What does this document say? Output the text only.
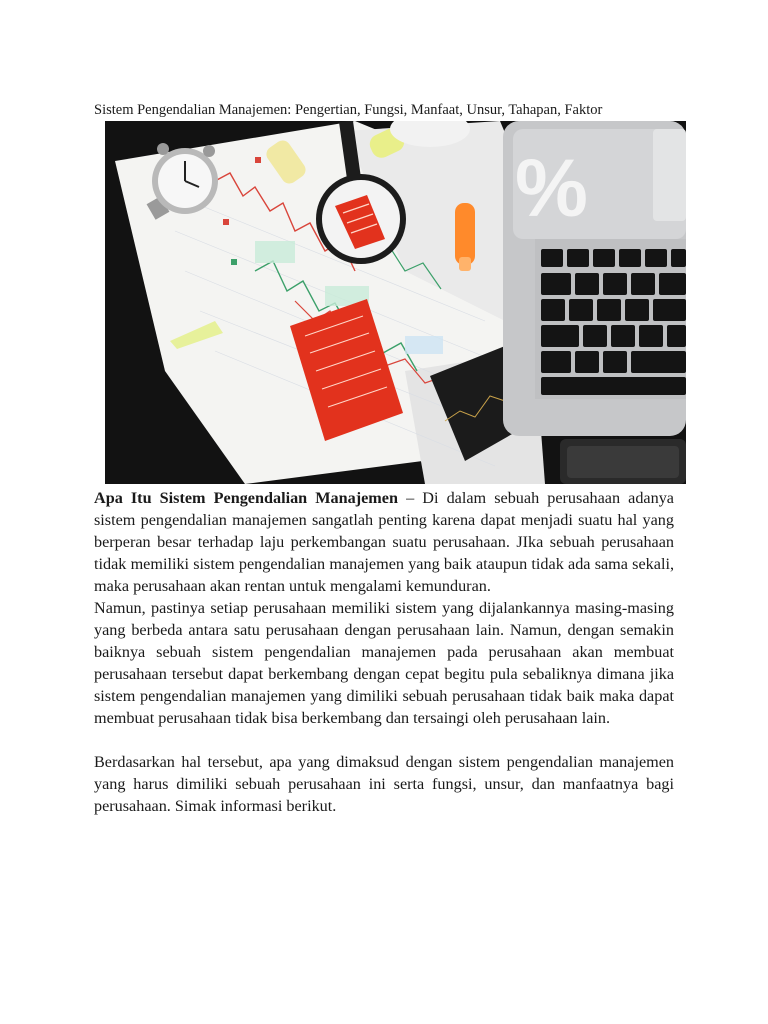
Sistem Pengendalian Manajemen: Pengertian, Fungsi, Manfaat, Unsur, Tahapan, Faktor
%

Apa Itu Sistem Pengendalian Manajemen – Di dalam sebuah perusahaan adanya sistem pengendalian manajemen sangatlah penting karena dapat menjadi suatu hal yang berperan besar terhadap laju perkembangan suatu perusahaan. JIka sebuah perusahaan tidak memiliki sistem pengendalian manajemen yang baik ataupun tidak ada sama sekali, maka perusahaan akan rentan untuk mengalami kemunduran.

Namun, pastinya setiap perusahaan memiliki sistem yang dijalankannya masing-masing yang berbeda antara satu perusahaan dengan perusahaan lain. Namun, dengan semakin baiknya sebuah sistem pengendalian manajemen pada perusahaan akan membuat perusahaan tersebut dapat berkembang dengan cepat begitu pula sebaliknya dimana jika sistem pengendalian manajemen yang dimiliki sebuah perusahaan tidak baik maka dapat membuat perusahaan tidak bisa berkembang dan tersaingi oleh perusahaan lain.

Berdasarkan hal tersebut, apa yang dimaksud dengan sistem pengendalian manajemen yang harus dimiliki sebuah perusahaan ini serta fungsi, unsur, dan manfaatnya bagi perusahaan. Simak informasi berikut.
